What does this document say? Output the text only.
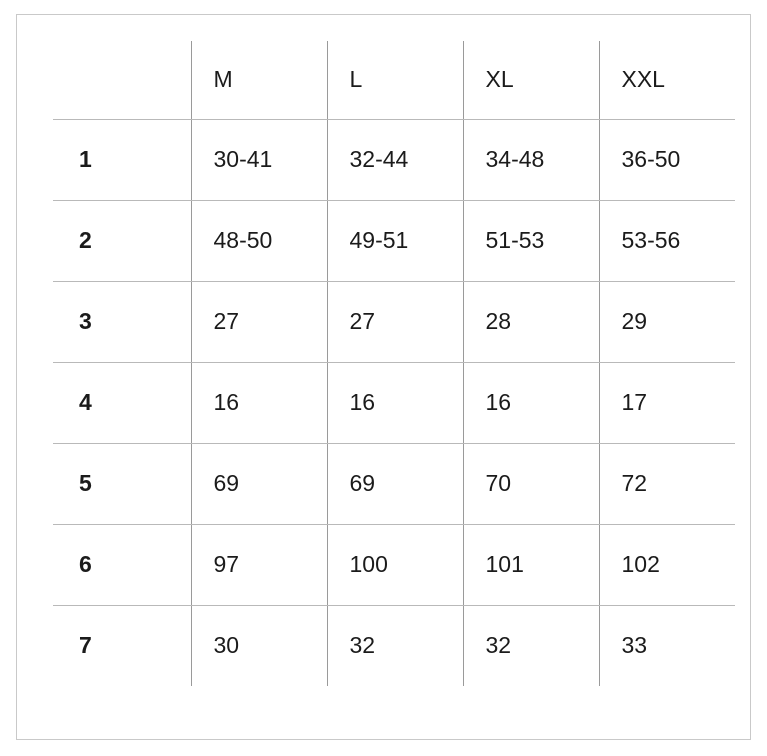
	M	L	XL	XXL
1	30-41	32-44	34-48	36-50
2	48-50	49-51	51-53	53-56
3	27	27	28	29
4	16	16	16	17
5	69	69	70	72
6	97	100	101	102
7	30	32	32	33
